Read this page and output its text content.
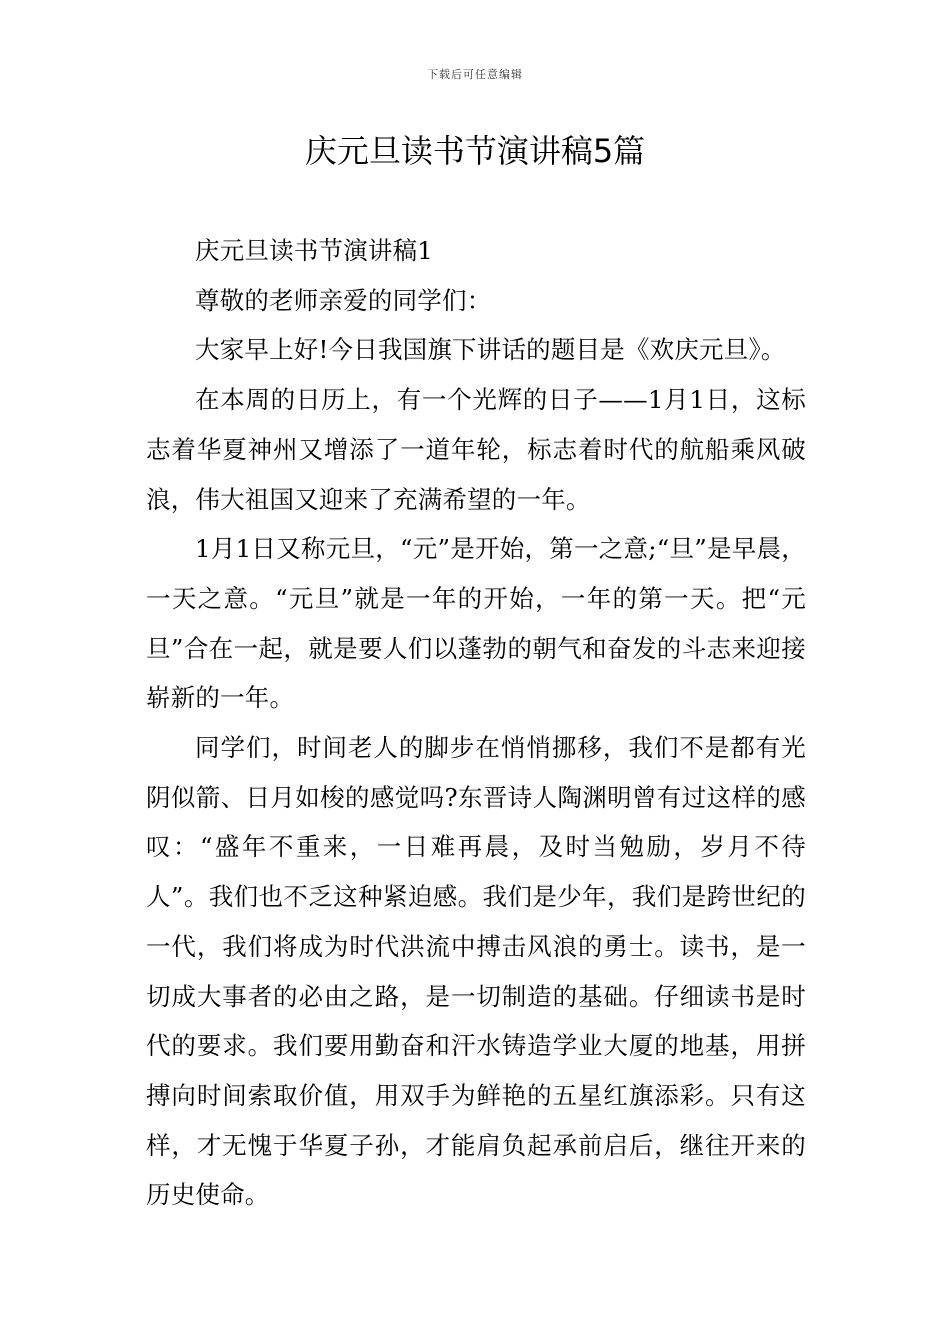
下载后可任意编辑
庆元旦读书节演讲稿5篇

庆元旦读书节演讲稿1

尊敬的老师亲爱的同学们：

大家早上好!今日我国旗下讲话的题目是《欢庆元旦》。

在本周的日历上，有一个光辉的日子——1月1日，这标志着华夏神州又增添了一道年轮，标志着时代的航船乘风破浪，伟大祖国又迎来了充满希望的一年。

1月1日又称元旦，“元”是开始，第一之意;“旦”是早晨，一天之意。“元旦”就是一年的开始，一年的第一天。把“元旦”合在一起，就是要人们以蓬勃的朝气和奋发的斗志来迎接崭新的一年。

同学们，时间老人的脚步在悄悄挪移，我们不是都有光阴似箭、日月如梭的感觉吗?东晋诗人陶渊明曾有过这样的感叹：“盛年不重来，一日难再晨，及时当勉励，岁月不待人”。我们也不乏这种紧迫感。我们是少年，我们是跨世纪的一代，我们将成为时代洪流中搏击风浪的勇士。读书，是一切成大事者的必由之路，是一切制造的基础。仔细读书是时代的要求。我们要用勤奋和汗水铸造学业大厦的地基，用拼搏向时间索取价值，用双手为鲜艳的五星红旗添彩。只有这样，才无愧于华夏子孙，才能肩负起承前启后，继往开来的历史使命。
